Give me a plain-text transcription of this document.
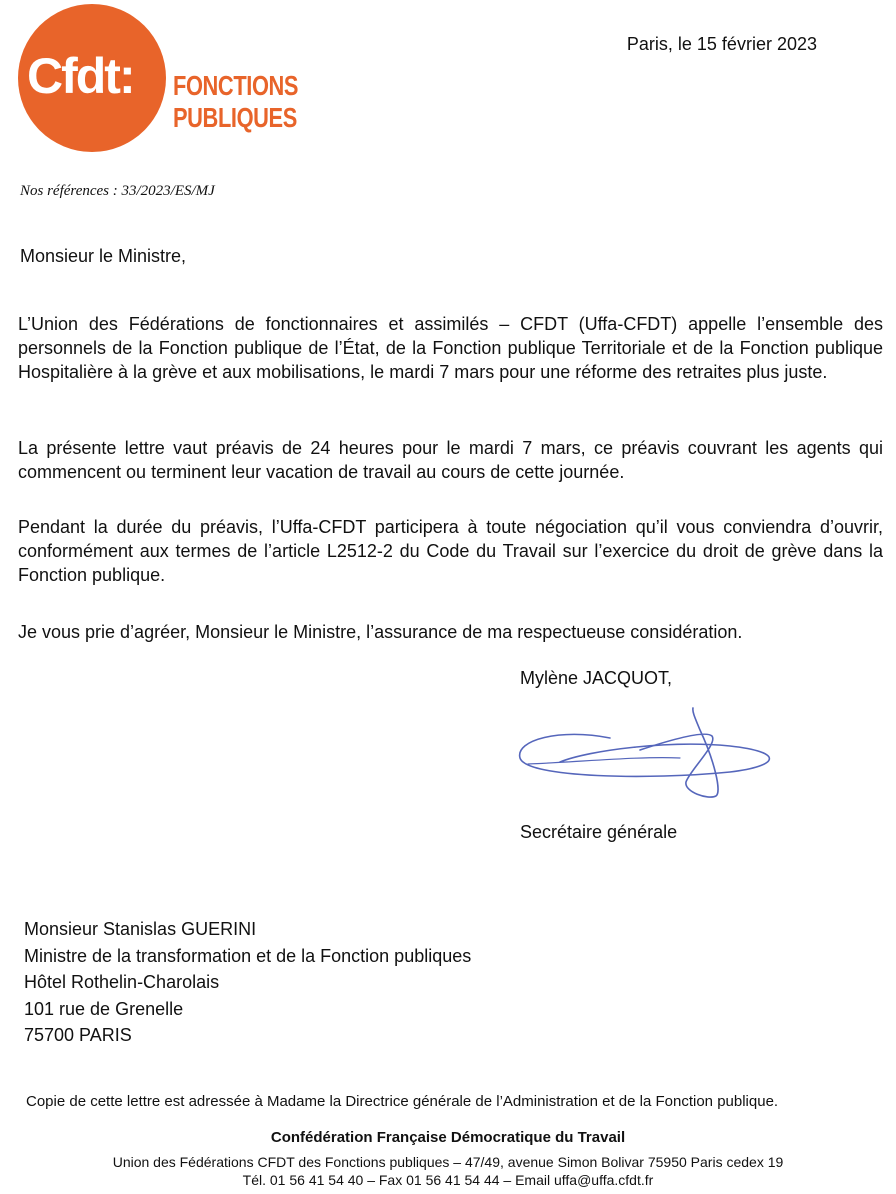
Cfdt:	FONCTIONS
PUBLIQUES
Paris, le 15 février 2023
Nos références : 33/2023/ES/MJ
Monsieur le Ministre,
L’Union des Fédérations de fonctionnaires et assimilés – CFDT (Uffa-CFDT) appelle l’ensemble des personnels de la Fonction publique de l’État, de la Fonction publique Territoriale et de la Fonction publique Hospitalière à la grève et aux mobilisations, le mardi 7 mars pour une réforme des retraites plus juste.
La présente lettre vaut préavis de 24 heures pour le mardi 7 mars, ce préavis couvrant les agents qui commencent ou terminent leur vacation de travail au cours de cette journée.
Pendant la durée du préavis, l’Uffa-CFDT participera à toute négociation qu’il vous conviendra d’ouvrir, conformément aux termes de l’article L2512-2 du Code du Travail sur l’exercice du droit de grève dans la Fonction publique.
Je vous prie d’agréer, Monsieur le Ministre, l’assurance de ma respectueuse considération.
Mylène JACQUOT,
Secrétaire générale
Monsieur Stanislas GUERINI
Ministre de la transformation et de la Fonction publiques
Hôtel Rothelin-Charolais
101 rue de Grenelle
75700 PARIS
Copie de cette lettre est adressée à Madame la Directrice générale de l’Administration et de la Fonction publique.
Confédération Française Démocratique du Travail
Union des Fédérations CFDT des Fonctions publiques – 47/49, avenue Simon Bolivar 75950 Paris cedex 19
Tél. 01 56 41 54 40 – Fax 01 56 41 54 44 – Email uffa@uffa.cfdt.fr
